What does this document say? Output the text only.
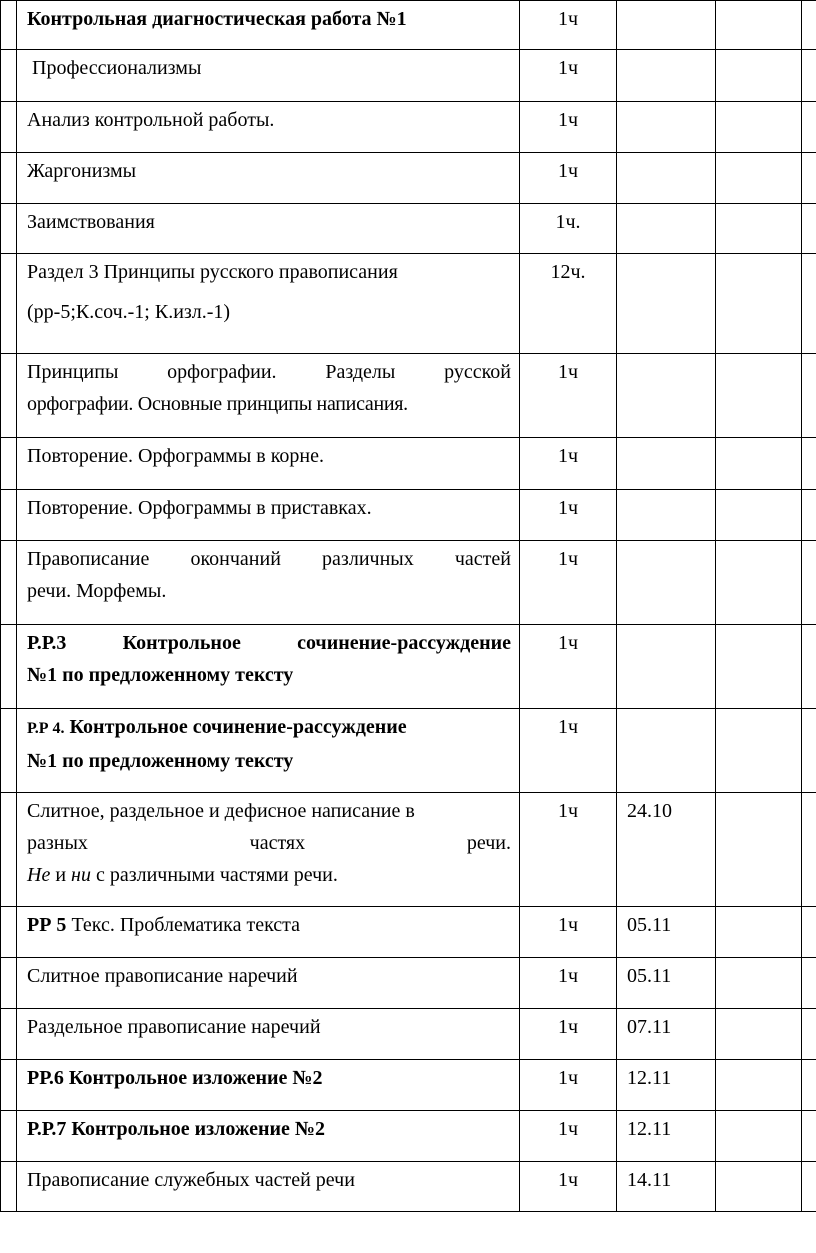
	Контрольная диагностическая работа №1	1ч			
	Профессионализмы	1ч			
	Анализ контрольной работы.	1ч			
	Жаргонизмы	1ч			
	Заимствования	1ч.			

	Раздел 3 Принципы русского правописания
(рр-5;К.соч.-1; К.изл.-1)	12ч.			

	Принципы орфографии. Разделы русской
орфографии. Основные принципы написания.	1ч			
	Повторение. Орфограммы в корне.	1ч			
	Повторение. Орфограммы в приставках.	1ч			

	Правописание окончаний различных частей
речи. Морфемы.	1ч			

	Р.Р.3 Контрольное сочинение-рассуждение
№1 по предложенному тексту	1ч			

	Р.Р 4. Контрольное сочинение-рассуждение
№1 по предложенному тексту	1ч			

	Слитное, раздельное и дефисное написание в
разных частях речи.
Не и ни с различными частями речи.	1ч	24.10		
	РР 5 Текс. Проблематика текста	1ч	05.11		
	Слитное правописание наречий	1ч	05.11		
	Раздельное правописание наречий	1ч	07.11		
	РР.6 Контрольное изложение №2	1ч	12.11		
	Р.Р.7 Контрольное изложение №2	1ч	12.11		
	Правописание служебных частей речи	1ч	14.11		
